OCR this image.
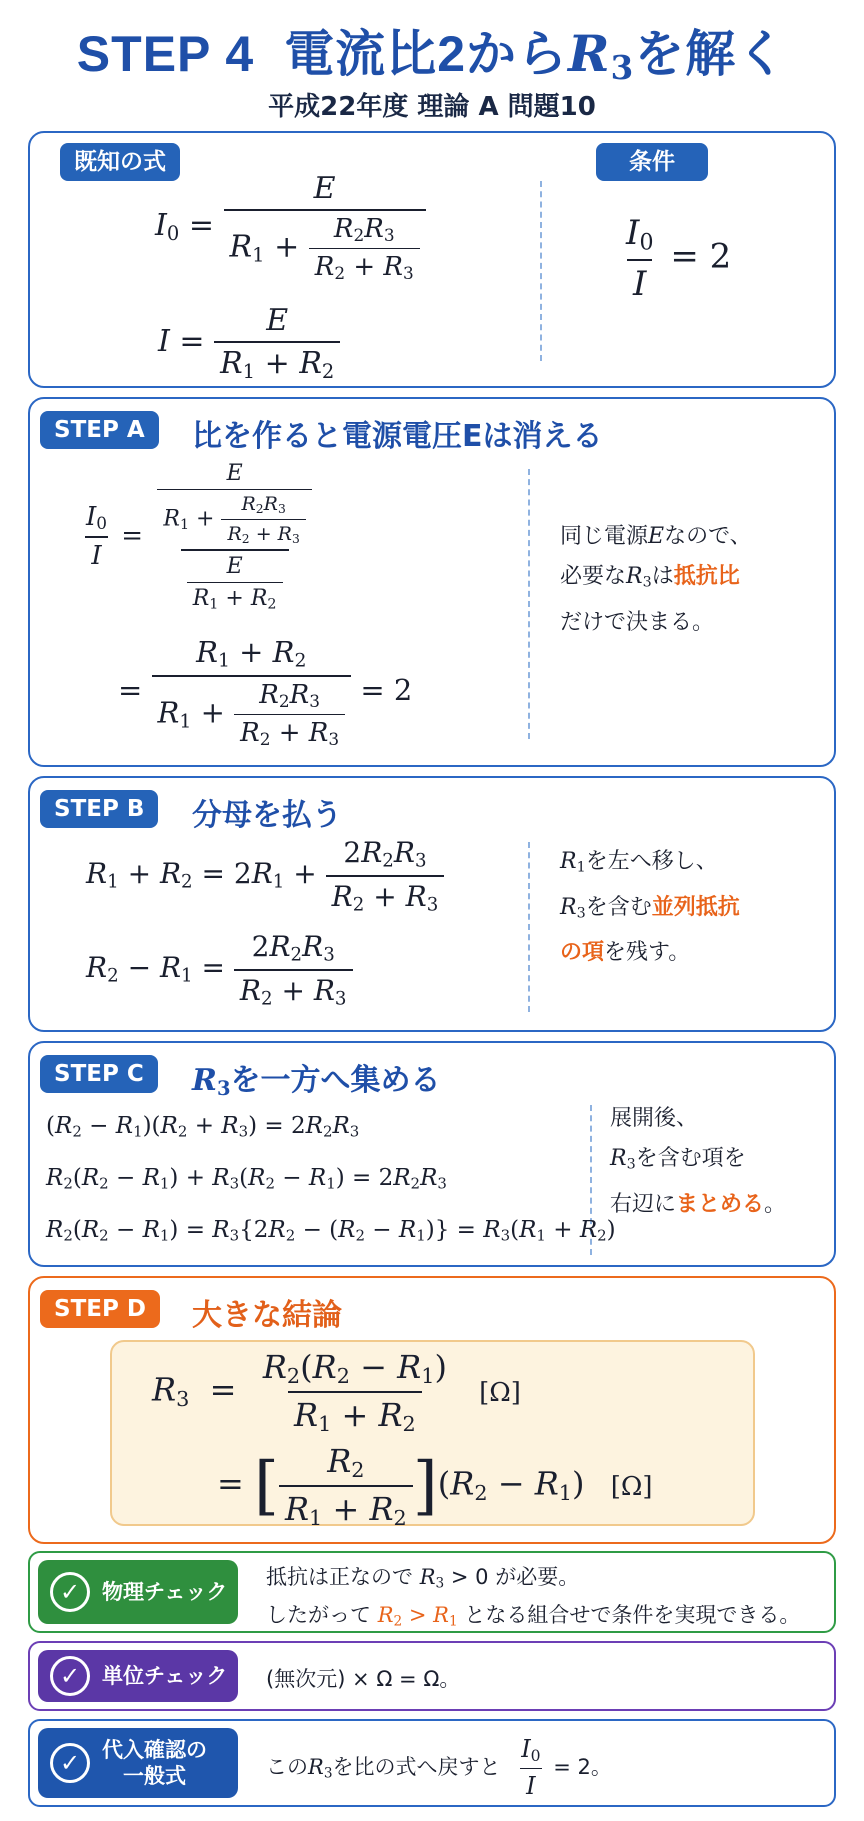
STEP 4 電流比2から$R_3$を解く
平成22年度 理論 A 問題10
既知の式	条件
$I_0 = \frac{E}{R_1 + \frac{R_2R_3}{R_2 + R_3}}$
$I = \frac{E}{R_1 + R_2}$
$\frac{I_0}{I} = 2$
STEP A	比を作ると電源電圧Eは消える
$\frac{I_0}{I} = \frac{\frac{E}{R_1 + \frac{R_2R_3}{R_2 + R_3}}}{\frac{E}{R_1 + R_2}}$
= $\frac{R_1 + R_2}{R_1 + \frac{R_2R_3}{R_2 + R_3}} = 2$
同じ電源Eなので、
必要な$R_3$は抵抗比
だけで決まる。
STEP B	分母を払う
$R_1 + R_2 = 2R_1 + \frac{2R_2R_3}{R_2 + R_3}$
$R_2 - R_1 = \frac{2R_2R_3}{R_2 + R_3}$
$R_1$を左へ移し、
$R_3$を含む並列抵抗
の項を残す。
STEP C	$R_3$を一方へ集める
$(R_2 - R_1)(R_2 + R_3) = 2R_2R_3$
$R_2(R_2 - R_1) + R_3(R_2 - R_1) = 2R_2R_3$
$R_2(R_2 - R_1) = R_3\{2R_2 - (R_2 - R_1)\} = R_3(R_1 + R_2)$
展開後、
$R_3$を含む項を
右辺にまとめる。
STEP D	大きな結論
$R_3 = \frac{R_2(R_2 - R_1)}{R_1 + R_2} [\Omega]$
= [ $\frac{R_2}{R_1 + R_2} ](R_2 - R_1)$ [Ω]
✓	物理チェック
抵抗は正なので $R_3 > 0$ が必要。
したがって $R_2 > R_1$ となる組合せで条件を実現できる。
✓	単位チェック (無次元) × Ω = Ω。
✓	代入確認の
一般式	この$R_3$を比の式へ戻すと $\frac{I_0}{I} = 2$。
